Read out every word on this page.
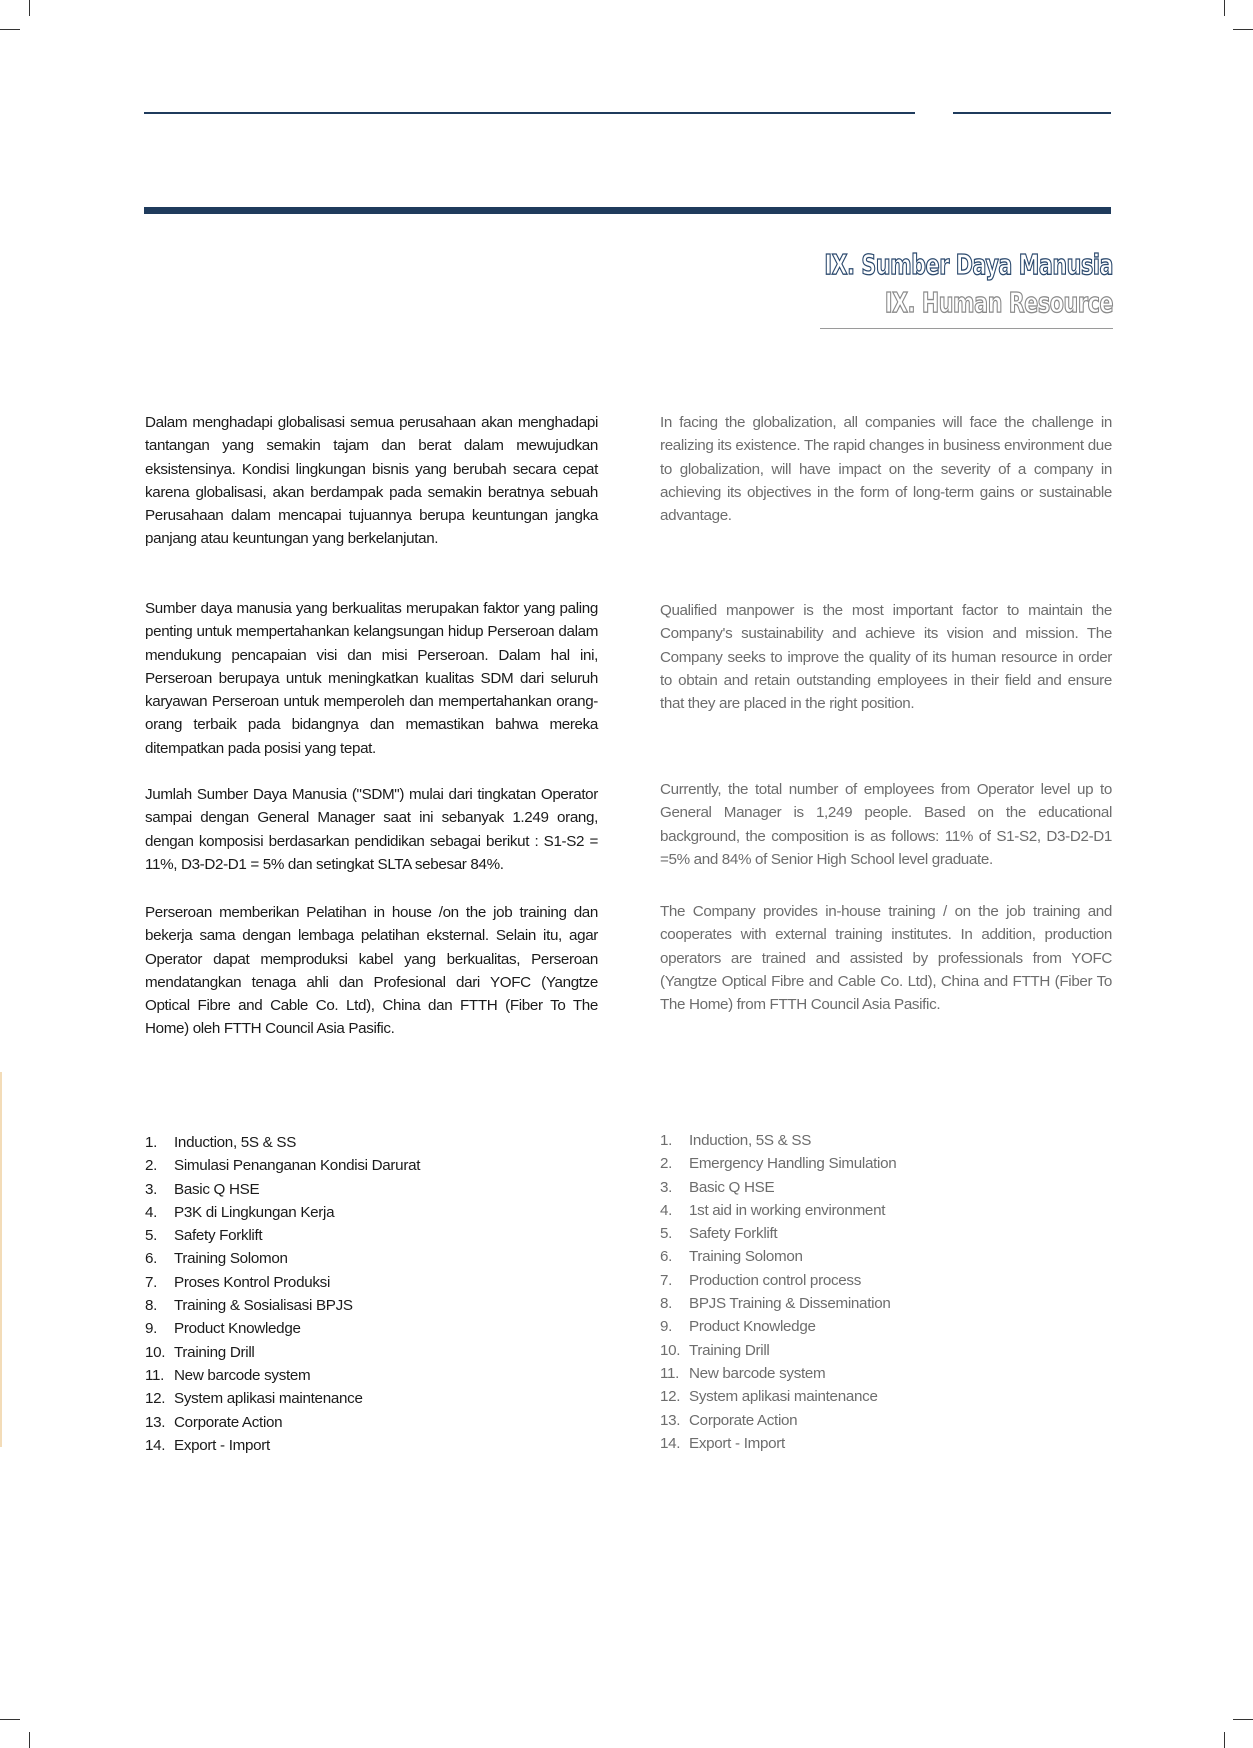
IX. Sumber Daya Manusia
IX. Human Resource

Dalam menghadapi globalisasi semua perusahaan akan menghadapi tantangan yang semakin tajam dan berat dalam mewujudkan eksistensinya. Kondisi lingkungan bisnis yang berubah secara cepat karena globalisasi, akan berdampak pada semakin beratnya sebuah Perusahaan dalam mencapai tujuannya berupa keuntungan jangka panjang atau keuntungan yang berkelanjutan.

Sumber daya manusia yang berkualitas merupakan faktor yang paling penting untuk mempertahankan kelangsungan hidup Perseroan dalam mendukung pencapaian visi dan misi Perseroan. Dalam hal ini, Perseroan berupaya untuk meningkatkan kualitas SDM dari seluruh karyawan Perseroan untuk memperoleh dan mempertahankan orang-orang terbaik pada bidangnya dan memastikan bahwa mereka ditempatkan pada posisi yang tepat.

Jumlah Sumber Daya Manusia ("SDM") mulai dari tingkatan Operator sampai dengan General Manager saat ini sebanyak 1.249 orang, dengan komposisi berdasarkan pendidikan sebagai berikut : S1-S2 = 11%, D3-D2-D1 = 5% dan setingkat SLTA sebesar 84%.

Perseroan memberikan Pelatihan in house /on the job training dan bekerja sama dengan lembaga pelatihan eksternal. Selain itu, agar Operator dapat memproduksi kabel yang berkualitas, Perseroan mendatangkan tenaga ahli dan Profesional dari YOFC (Yangtze Optical Fibre and Cable Co. Ltd), China dan FTTH (Fiber To The Home) oleh FTTH Council Asia Pasific.

In facing the globalization, all companies will face the challenge in realizing its existence. The rapid changes in business environment due to globalization, will have impact on the severity of a company in achieving its objectives in the form of long-term gains or sustainable advantage.

Qualified manpower is the most important factor to maintain the Company's sustainability and achieve its vision and mission. The Company seeks to improve the quality of its human resource in order to obtain and retain outstanding employees in their field and ensure that they are placed in the right position.

Currently, the total number of employees from Operator level up to General Manager is 1,249 people. Based on the educational background, the composition is as follows: 11% of S1-S2, D3-D2-D1 =5% and 84% of Senior High School level graduate.

The Company provides in-house training / on the job training and cooperates with external training institutes. In addition, production operators are trained and assisted by professionals from YOFC (Yangtze Optical Fibre and Cable Co. Ltd), China and FTTH (Fiber To The Home) from FTTH Council Asia Pasific.

1.	Induction, 5S & SS
2.	Simulasi Penanganan Kondisi Darurat
3.	Basic Q HSE
4.	P3K di Lingkungan Kerja
5.	Safety Forklift
6.	Training Solomon
7.	Proses Kontrol Produksi
8.	Training & Sosialisasi BPJS
9.	Product Knowledge
10. Training Drill
11. New barcode system
12. System aplikasi maintenance
13. Corporate Action
14. Export - Import
1.	Induction, 5S & SS
2.	Emergency Handling Simulation
3.	Basic Q HSE
4.	1st aid in working environment
5.	Safety Forklift
6.	Training Solomon
7.	Production control process
8.	BPJS Training & Dissemination
9.	Product Knowledge
10. Training Drill
11. New barcode system
12. System aplikasi maintenance
13. Corporate Action
14. Export - Import
